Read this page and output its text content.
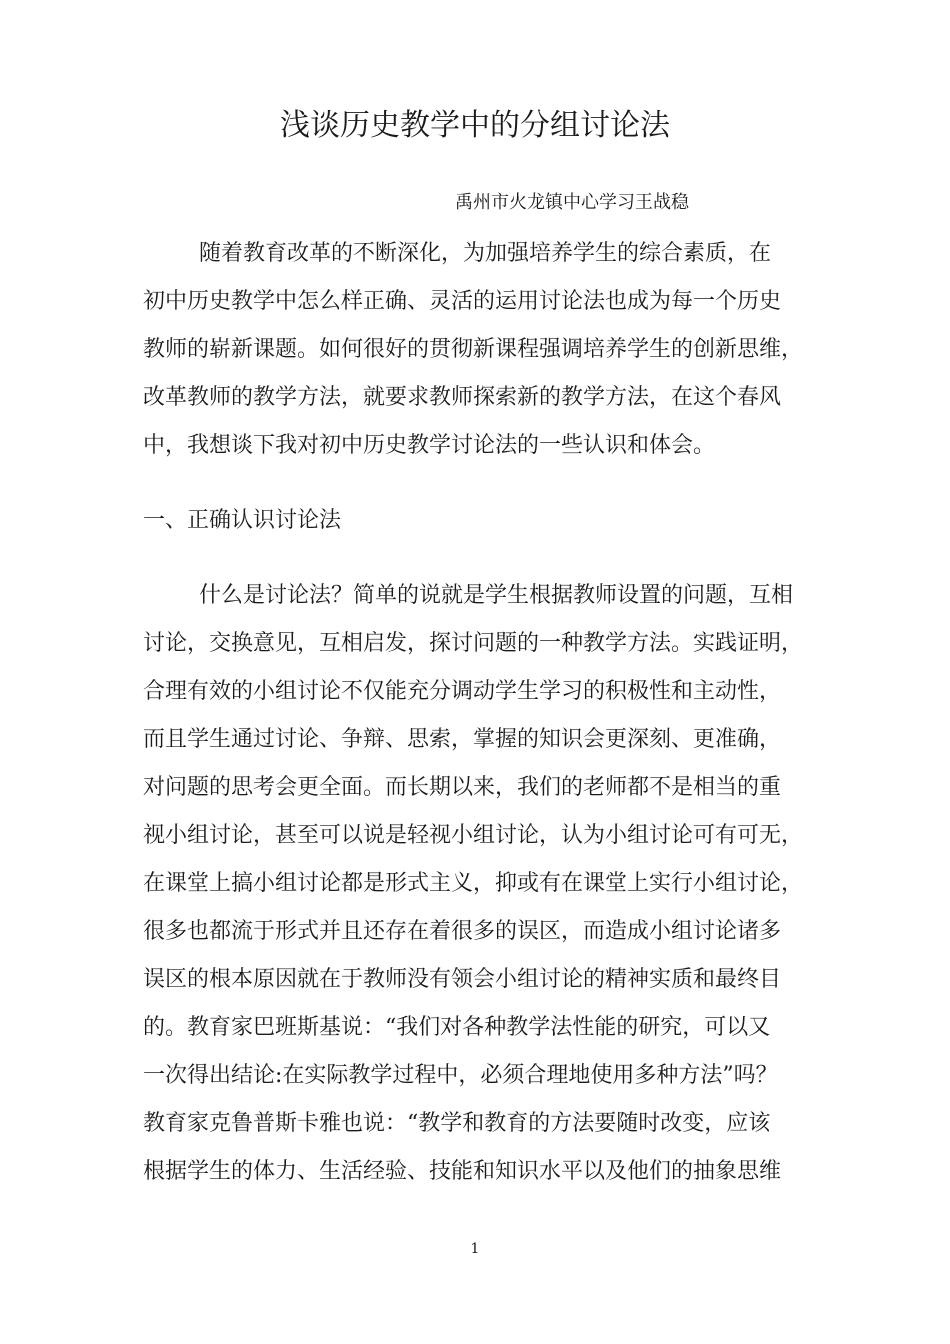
浅谈历史教学中的分组讨论法
禹州市火龙镇中心学习王战稳
随着教育改革的不断深化，为加强培养学生的综合素质，在
初中历史教学中怎么样正确、灵活的运用讨论法也成为每一个历史
教师的崭新课题。如何很好的贯彻新课程强调培养学生的创新思维，
改革教师的教学方法，就要求教师探索新的教学方法，在这个春风
中，我想谈下我对初中历史教学讨论法的一些认识和体会。
一、正确认识讨论法
什么是讨论法？简单的说就是学生根据教师设置的问题，互相
讨论，交换意见，互相启发，探讨问题的一种教学方法。实践证明，
合理有效的小组讨论不仅能充分调动学生学习的积极性和主动性，
而且学生通过讨论、争辩、思索，掌握的知识会更深刻、更准确，
对问题的思考会更全面。而长期以来，我们的老师都不是相当的重
视小组讨论，甚至可以说是轻视小组讨论，认为小组讨论可有可无，
在课堂上搞小组讨论都是形式主义，抑或有在课堂上实行小组讨论，
很多也都流于形式并且还存在着很多的误区，而造成小组讨论诸多
误区的根本原因就在于教师没有领会小组讨论的精神实质和最终目
的。教育家巴班斯基说：“我们对各种教学法性能的研究，可以又
一次得出结论:在实际教学过程中，必须合理地使用多种方法”吗？
教育家克鲁普斯卡雅也说：“教学和教育的方法要随时改变，应该
根据学生的体力、生活经验、技能和知识水平以及他们的抽象思维
1
